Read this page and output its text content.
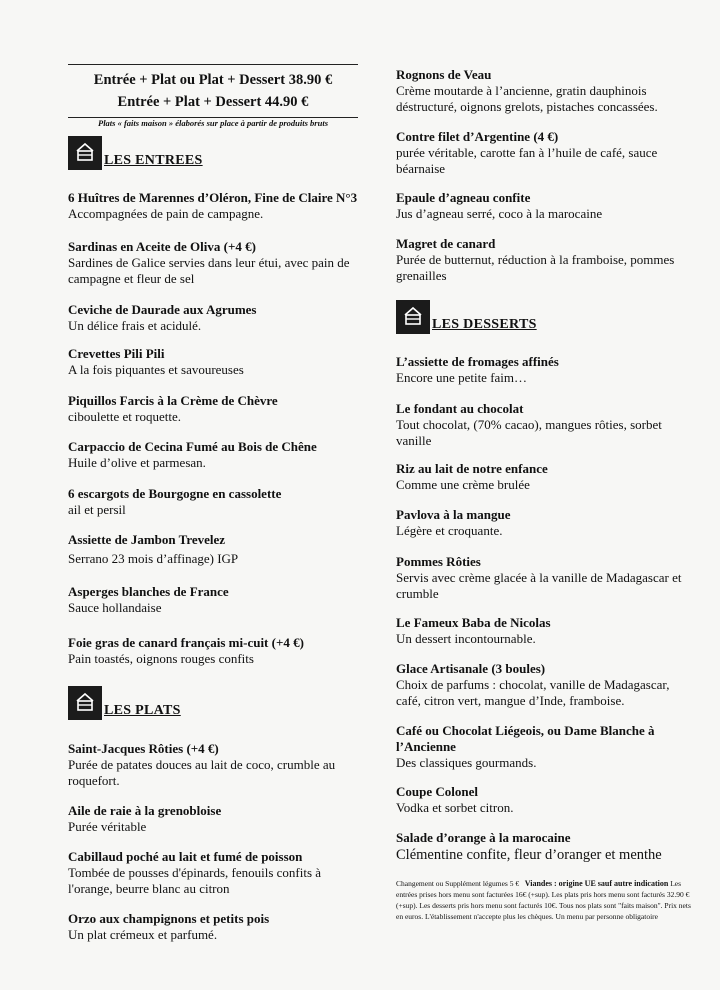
Entrée + Plat ou Plat + Dessert 38.90 €
Entrée + Plat + Dessert 44.90 €
Plats « faits maison » élaborés sur place à partir de produits bruts
LES ENTREES
6 Huîtres de Marennes d’Oléron, Fine de Claire N°3
Accompagnées de pain de campagne.
Sardinas en Aceite de Oliva (+4 €)
Sardines de Galice servies dans leur étui, avec pain de campagne et fleur de sel
Ceviche de Daurade aux Agrumes
Un délice frais et acidulé.
Crevettes Pili Pili
A la fois piquantes et savoureuses
Piquillos Farcis à la Crème de Chèvre
ciboulette et roquette.
Carpaccio de Cecina Fumé au Bois de Chêne
Huile d’olive et parmesan.
6 escargots de Bourgogne en cassolette
ail et persil
Assiette de Jambon Trevelez
Serrano 23 mois d’affinage) IGP
Asperges blanches de France
Sauce hollandaise
Foie gras de canard français mi-cuit (+4 €)
Pain toastés, oignons rouges confits
LES PLATS
Saint-Jacques Rôties (+4 €)
Purée de patates douces au lait de coco, crumble au roquefort.
Aile de raie à la grenobloise
Purée véritable
Cabillaud poché au lait et fumé de poisson
Tombée de pousses d'épinards, fenouils confits à l'orange, beurre blanc au citron
Orzo aux champignons et petits pois
Un plat crémeux et parfumé.
Rognons de Veau
Crème moutarde à l’ancienne, gratin dauphinois déstructuré, oignons grelots, pistaches concassées.
Contre filet d’Argentine (4 €)
purée véritable, carotte fan à l’huile de café, sauce béarnaise
Epaule d’agneau confite
Jus d’agneau serré, coco à la marocaine
Magret de canard
Purée de butternut, réduction à la framboise, pommes grenailles
LES DESSERTS
L’assiette de fromages affinés
Encore une petite faim…
Le fondant au chocolat
Tout chocolat, (70% cacao), mangues rôties, sorbet vanille
Riz au lait de notre enfance
Comme une crème brulée
Pavlova à la mangue
Légère et croquante.
Pommes Rôties
Servis avec crème glacée à la vanille de Madagascar et crumble
Le Fameux Baba de Nicolas
Un dessert incontournable.
Glace Artisanale (3 boules)
Choix de parfums : chocolat, vanille de Madagascar, café, citron vert, mangue d’Inde, framboise.
Café ou Chocolat Liégeois, ou Dame Blanche à l’Ancienne
Des classiques gourmands.
Coupe Colonel
Vodka et sorbet citron.
Salade d’orange à la marocaine
Clémentine confite, fleur d’oranger et menthe
Changement ou Supplément légumes 5 € Viandes : origine UE sauf autre indication Les entrées prises hors menu sont facturées 16€ (+sup). Les plats pris hors menu sont facturés 32.90 € (+sup). Les desserts pris hors menu sont facturés 10€. Tous nos plats sont "faits maison". Prix nets en euros. L'établissement n'accepte plus les chèques. Un menu par personne obligatoire
